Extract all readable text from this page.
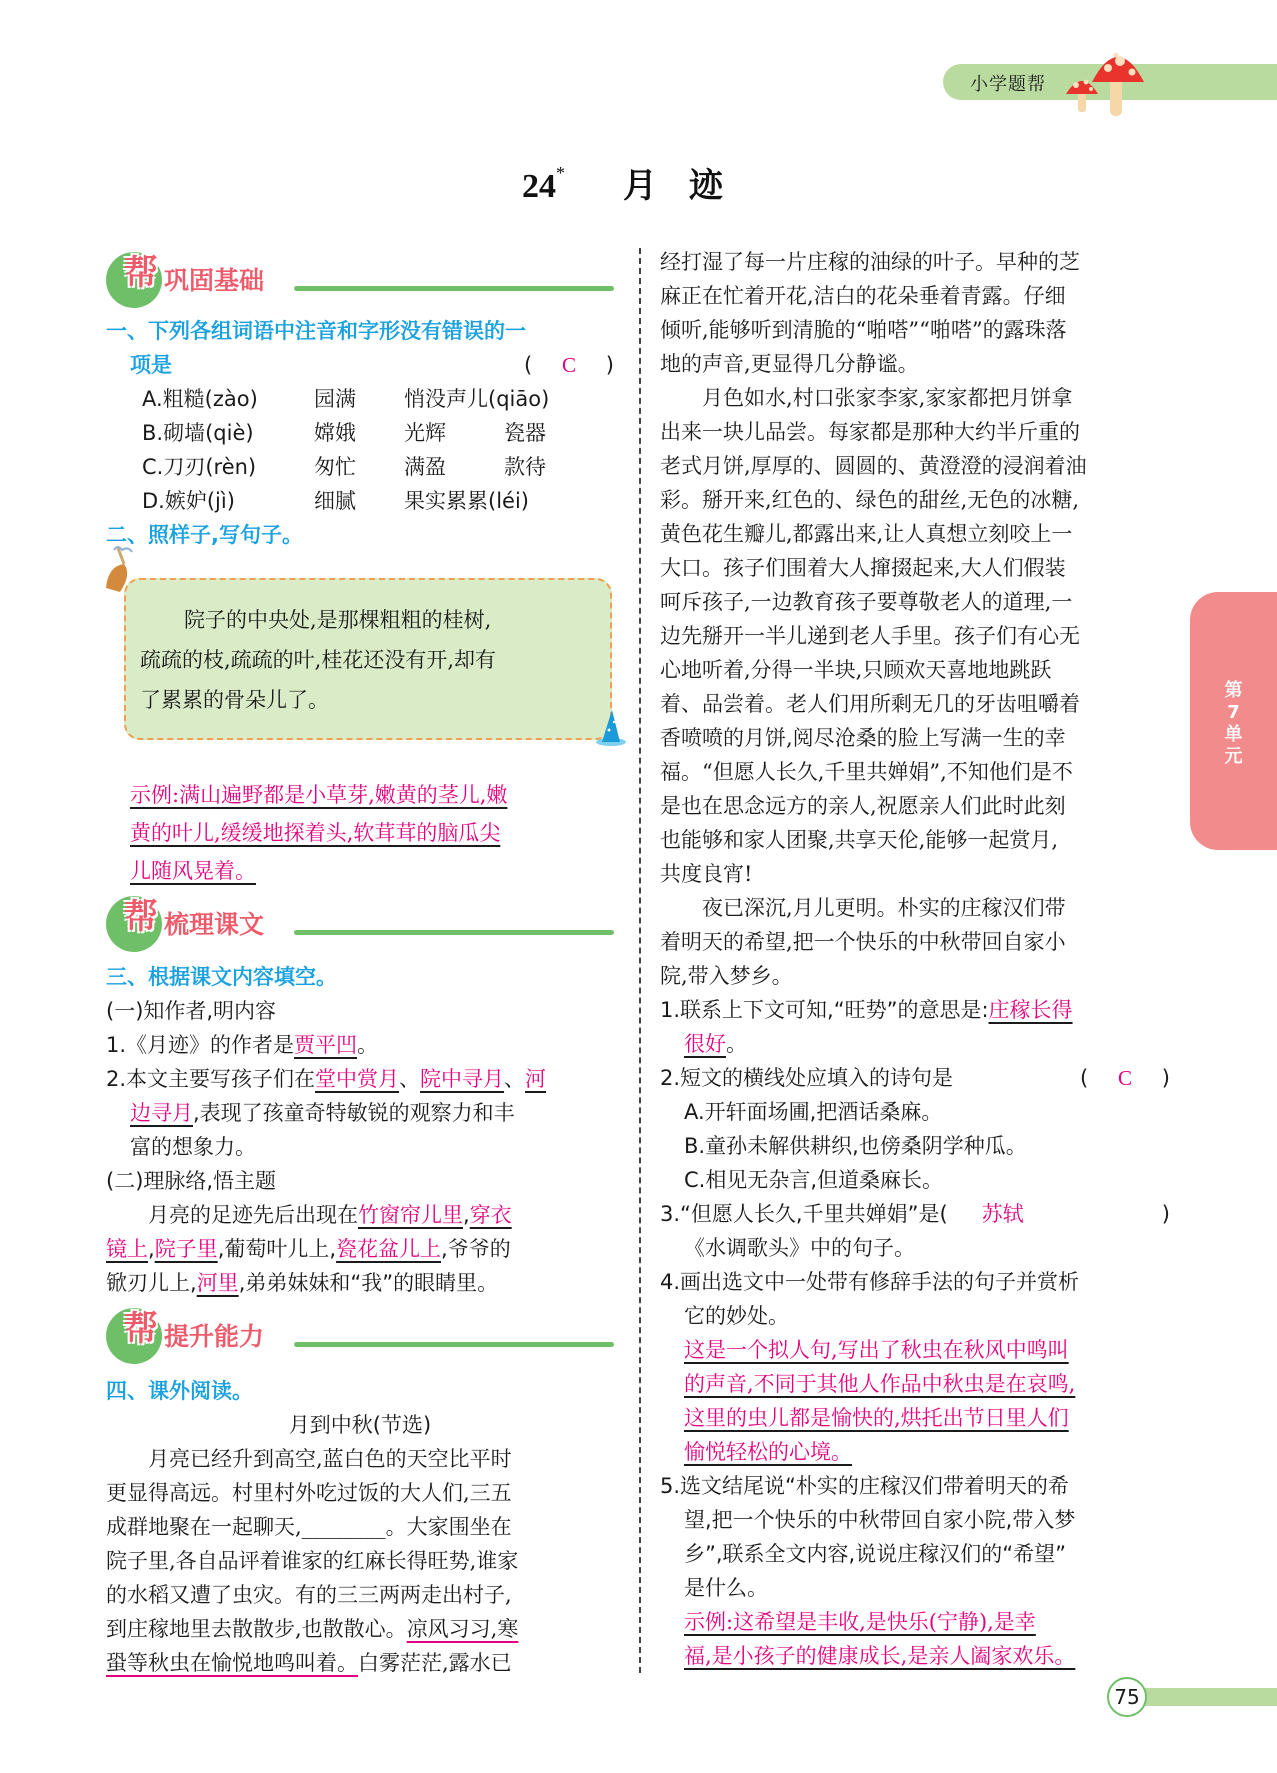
小学题帮
24* 月迹
帮 巩固基础
一、下列各组词语中注音和字形没有错误的一
项是	( C )
A.粗糙(zào)	园满	悄没声儿(qiāo)
B.砌墙(qiè)	嫦娥	光辉	瓷器
C.刀刃(rèn)	匆忙	满盈	款待
D.嫉妒(jì)	细腻	果实累累(léi)
二、照样子,写句子。
院子的中央处,是那棵粗粗的桂树,
疏疏的枝,疏疏的叶,桂花还没有开,却有
了累累的骨朵儿了。
示例:满山遍野都是小草芽,嫩黄的茎儿,嫩
黄的叶儿,缓缓地探着头,软茸茸的脑瓜尖
儿随风晃着。
帮 梳理课文
三、根据课文内容填空。
(一)知作者,明内容
1.《月迹》的作者是贾平凹。
2.本文主要写孩子们在堂中赏月、院中寻月、河
边寻月,表现了孩童奇特敏锐的观察力和丰
富的想象力。
(二)理脉络,悟主题
月亮的足迹先后出现在竹窗帘儿里,穿衣
镜上,院子里,葡萄叶儿上,瓷花盆儿上,爷爷的
锨刃儿上,河里,弟弟妹妹和“我”的眼睛里。
帮 提升能力
四、课外阅读。
月到中秋(节选)
月亮已经升到高空,蓝白色的天空比平时
更显得高远。村里村外吃过饭的大人们,三五
成群地聚在一起聊天,________。大家围坐在
院子里,各自品评着谁家的红麻长得旺势,谁家
的水稻又遭了虫灾。有的三三两两走出村子,
到庄稼地里去散散步,也散散心。凉风习习,寒
蛩等秋虫在愉悦地鸣叫着。白雾茫茫,露水已
经打湿了每一片庄稼的油绿的叶子。早种的芝
麻正在忙着开花,洁白的花朵垂着青露。仔细
倾听,能够听到清脆的“啪嗒”“啪嗒”的露珠落
地的声音,更显得几分静谧。
月色如水,村口张家李家,家家都把月饼拿
出来一块儿品尝。每家都是那种大约半斤重的
老式月饼,厚厚的、圆圆的、黄澄澄的浸润着油
彩。掰开来,红色的、绿色的甜丝,无色的冰糖,
黄色花生瓣儿,都露出来,让人真想立刻咬上一
大口。孩子们围着大人撺掇起来,大人们假装
呵斥孩子,一边教育孩子要尊敬老人的道理,一
边先掰开一半儿递到老人手里。孩子们有心无
心地听着,分得一半块,只顾欢天喜地地跳跃
着、品尝着。老人们用所剩无几的牙齿咀嚼着
香喷喷的月饼,阅尽沧桑的脸上写满一生的幸
福。“但愿人长久,千里共婵娟”,不知他们是不
是也在思念远方的亲人,祝愿亲人们此时此刻
也能够和家人团聚,共享天伦,能够一起赏月,
共度良宵!
夜已深沉,月儿更明。朴实的庄稼汉们带
着明天的希望,把一个快乐的中秋带回自家小
院,带入梦乡。
1.联系上下文可知,“旺势”的意思是:庄稼长得
很好。
2.短文的横线处应填入的诗句是	( C )
A.开轩面场圃,把酒话桑麻。
B.童孙未解供耕织,也傍桑阴学种瓜。
C.相见无杂言,但道桑麻长。
3.“但愿人长久,千里共婵娟”是( 苏轼	)
《水调歌头》中的句子。
4.画出选文中一处带有修辞手法的句子并赏析
它的妙处。
这是一个拟人句,写出了秋虫在秋风中鸣叫
的声音,不同于其他人作品中秋虫是在哀鸣,
这里的虫儿都是愉快的,烘托出节日里人们
愉悦轻松的心境。
5.选文结尾说“朴实的庄稼汉们带着明天的希
望,把一个快乐的中秋带回自家小院,带入梦
乡”,联系全文内容,说说庄稼汉们的“希望”
是什么。
示例:这希望是丰收,是快乐(宁静),是幸
福,是小孩子的健康成长,是亲人阖家欢乐。
第
7
单
元
75
